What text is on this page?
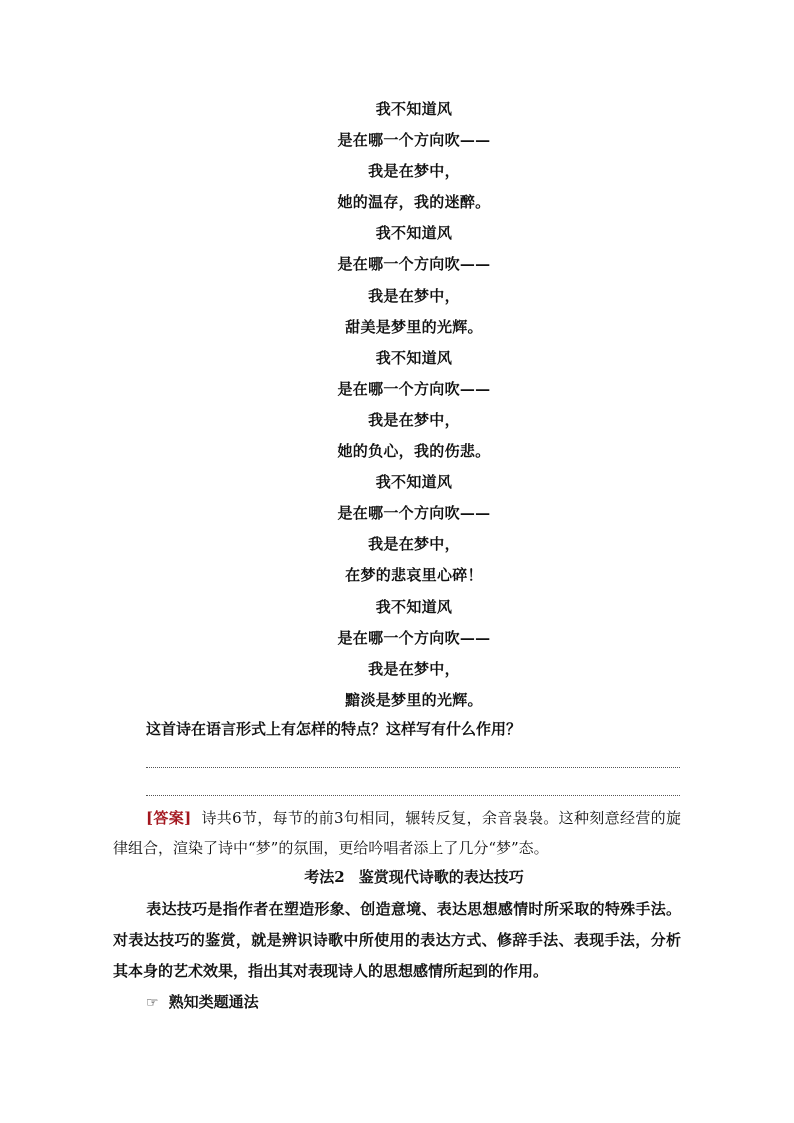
我不知道风
是在哪一个方向吹——
我是在梦中，
她的温存，我的迷醉。
我不知道风
是在哪一个方向吹——
我是在梦中，
甜美是梦里的光辉。
我不知道风
是在哪一个方向吹——
我是在梦中，
她的负心，我的伤悲。
我不知道风
是在哪一个方向吹——
我是在梦中，
在梦的悲哀里心碎！
我不知道风
是在哪一个方向吹——
我是在梦中，
黯淡是梦里的光辉。
这首诗在语言形式上有怎样的特点？这样写有什么作用？
[答案] 诗共6节，每节的前3句相同，辗转反复，余音袅袅。这种刻意经营的旋律组合，渲染了诗中“梦”的氛围，更给吟唱者添上了几分“梦”态。
考法2 鉴赏现代诗歌的表达技巧
表达技巧是指作者在塑造形象、创造意境、表达思想感情时所采取的特殊手法。对表达技巧的鉴赏，就是辨识诗歌中所使用的表达方式、修辞手法、表现手法，分析其本身的艺术效果，指出其对表现诗人的思想感情所起到的作用。
☞ 熟知类题通法
